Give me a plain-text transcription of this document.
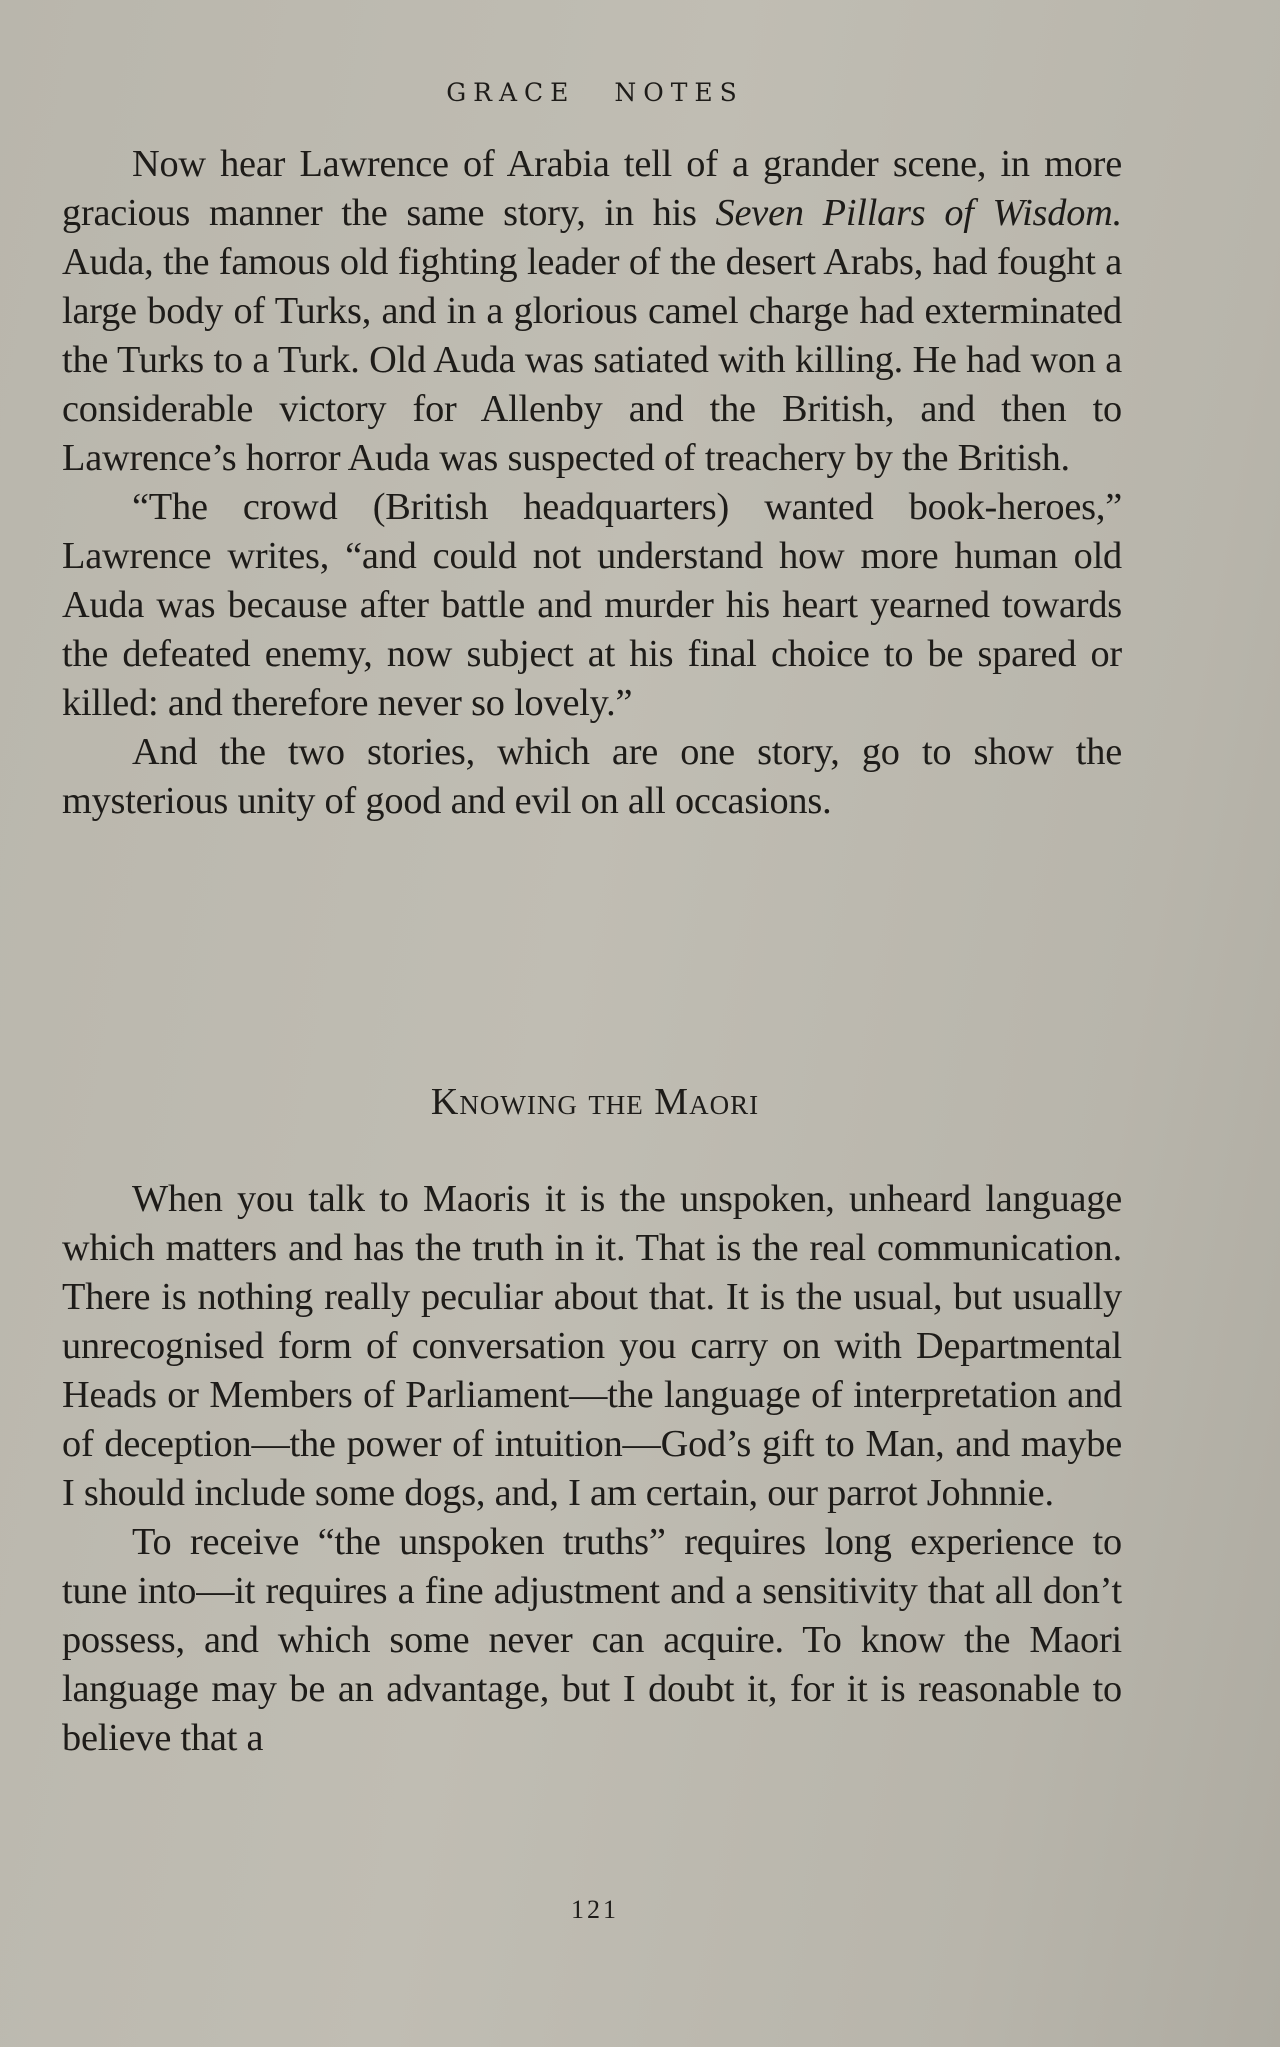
GRACE NOTES

Now hear Lawrence of Arabia tell of a grander scene, in more gracious manner the same story, in his Seven Pillars of Wisdom. Auda, the famous old fighting leader of the desert Arabs, had fought a large body of Turks, and in a glorious camel charge had exterminated the Turks to a Turk. Old Auda was satiated with killing. He had won a considerable victory for Allenby and the British, and then to Lawrence’s horror Auda was suspected of treachery by the British.

“The crowd (British headquarters) wanted book-heroes,” Lawrence writes, “and could not understand how more human old Auda was because after battle and murder his heart yearned towards the defeated enemy, now subject at his final choice to be spared or killed: and therefore never so lovely.”

And the two stories, which are one story, go to show the mysterious unity of good and evil on all occasions.

Knowing the Maori

When you talk to Maoris it is the unspoken, unheard language which matters and has the truth in it. That is the real communication. There is nothing really peculiar about that. It is the usual, but usually unrecognised form of conversation you carry on with Departmental Heads or Members of Parliament—the language of interpretation and of deception—the power of intuition—God’s gift to Man, and maybe I should include some dogs, and, I am certain, our parrot Johnnie.

To receive “the unspoken truths” requires long experience to tune into—it requires a fine adjustment and a sensitivity that all don’t possess, and which some never can acquire. To know the Maori language may be an advantage, but I doubt it, for it is reasonable to believe that a

121
